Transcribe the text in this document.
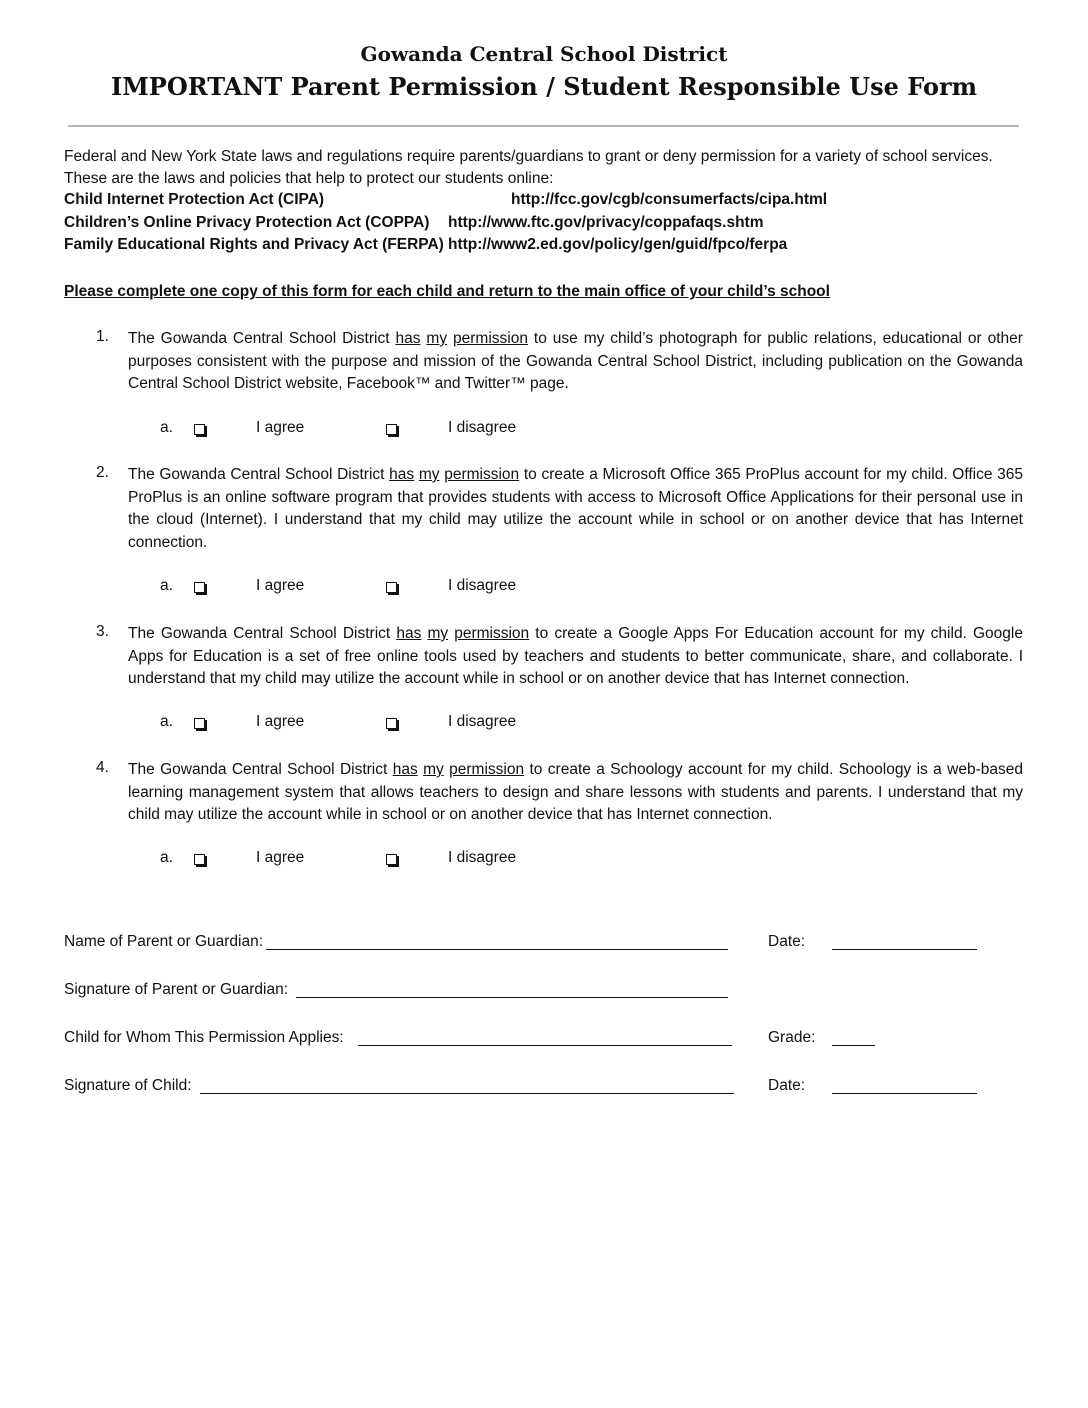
Gowanda Central School District
IMPORTANT Parent Permission / Student Responsible Use Form
Federal and New York State laws and regulations require parents/guardians to grant or deny permission for a variety of school services.
These are the laws and policies that help to protect our students online:
Child Internet Protection Act (CIPA)	http://fcc.gov/cgb/consumerfacts/cipa.html
Children’s Online Privacy Protection Act (COPPA) http://www.ftc.gov/privacy/coppafaqs.shtm
Family Educational Rights and Privacy Act (FERPA) http://www2.ed.gov/policy/gen/guid/fpco/ferpa
Please complete one copy of this form for each child and return to the main office of your child’s school
1. The Gowanda Central School District has my permission to use my child’s photograph for public relations, educational or other purposes consistent with the purpose and mission of the Gowanda Central School District, including publication on the Gowanda Central School District website, Facebook™ and Twitter™ page.
a.	I agree	I disagree
2. The Gowanda Central School District has my permission to create a Microsoft Office 365 ProPlus account for my child. Office 365 ProPlus is an online software program that provides students with access to Microsoft Office Applications for their personal use in the cloud (Internet). I understand that my child may utilize the account while in school or on another device that has Internet connection.
a.	I agree	I disagree
3. The Gowanda Central School District has my permission to create a Google Apps For Education account for my child. Google Apps for Education is a set of free online tools used by teachers and students to better communicate, share, and collaborate. I understand that my child may utilize the account while in school or on another device that has Internet connection.
a.	I agree	I disagree
4. The Gowanda Central School District has my permission to create a Schoology account for my child. Schoology is a web-based learning management system that allows teachers to design and share lessons with students and parents. I understand that my child may utilize the account while in school or on another device that has Internet connection.
a.	I agree	I disagree
Name of Parent or Guardian:	Date:
Signature of Parent or Guardian:
Child for Whom This Permission Applies:	Grade:
Signature of Child:	Date:
